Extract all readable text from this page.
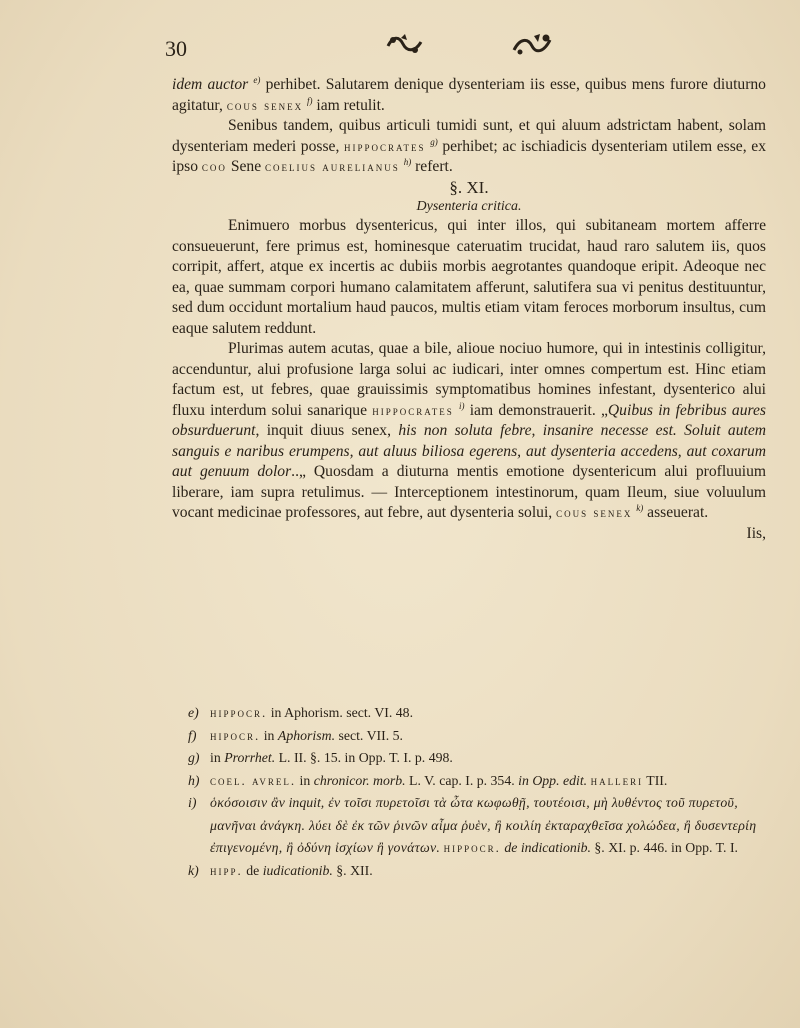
30

idem auctor $^{e)}$ perhibet. Salutarem denique dysenteriam iis esse, quibus mens furore diuturno agitatur, cous senex $^{f)}$ iam retulit.

Senibus tandem, quibus articuli tumidi sunt, et qui aluum adstrictam habent, solam dysenteriam mederi posse, hippocrates $^{g)}$ perhibet; ac ischiadicis dysenteriam utilem esse, ex ipso coo Sene coelius aurelianus $^{h)}$ refert.

§. XI.

Dysenteria critica.

Enimuero morbus dysentericus, qui inter illos, qui subitaneam mortem afferre consueuerunt, fere primus est, hominesque cateruatim trucidat, haud raro salutem iis, quos corripit, affert, atque ex incertis ac dubiis morbis aegrotantes quandoque eripit. Adeoque nec ea, quae summam corpori humano calamitatem afferunt, salutifera sua vi penitus destituuntur, sed dum occidunt mortalium haud paucos, multis etiam vitam feroces morborum insultus, cum eaque salutem reddunt.

Plurimas autem acutas, quae a bile, alioue nociuo humore, qui in intestinis colligitur, accenduntur, alui profusione larga solui ac iudicari, inter omnes compertum est. Hinc etiam factum est, ut febres, quae grauissimis symptomatibus homines infestant, dysenterico alui fluxu interdum solui sanarique hippocrates $^{i)}$ iam demonstrauerit. „Quibus in febribus aures obsurduerunt, inquit diuus senex, his non soluta febre, insanire necesse est. Soluit autem sanguis e naribus erumpens, aut aluus biliosa egerens, aut dysenteria accedens, aut coxarum aut genuum dolor..„ Quosdam a diuturna mentis emotione dysentericum alui profluuium liberare, iam supra retulimus. — Interceptionem intestinorum, quam Ileum, siue voluulum vocant medicinae professores, aut febre, aut dysenteria solui, cous senex $^{k)}$ asseuerat.

Iis,

e) hippocr. in Aphorism. sect. VI. 48.
f)	hipocr. in Aphorism. sect. VII. 5.
g) in Prorrhet. L. II. §. 15. in Opp. T. I. p. 498.
h) coel. avrel. in chronicor. morb. L. V. cap. I. p. 354. in Opp. edit. halleri TII.
i) ὁκόσοισιν ἂν inquit, ἐν τοῖσι πυρετοῖσι τὰ ὦτα κωφωθῇ, τουτέοισι, μὴ λυθέντος τοῦ πυρετοῦ, μανῆναι ἀνάγκη. λύει δὲ ἐκ τῶν ῥινῶν αἷμα ῥυὲν, ἢ κοιλίη ἐκταραχθεῖσα χολώδεα, ἢ δυσεντερίη ἐπιγενομένη, ἢ ὀδύνη ἰσχίων ἢ γονάτων. hippocr. de indicationib. §. XI. p. 446. in Opp. T. I.
k) hipp. de iudicationib. §. XII.
